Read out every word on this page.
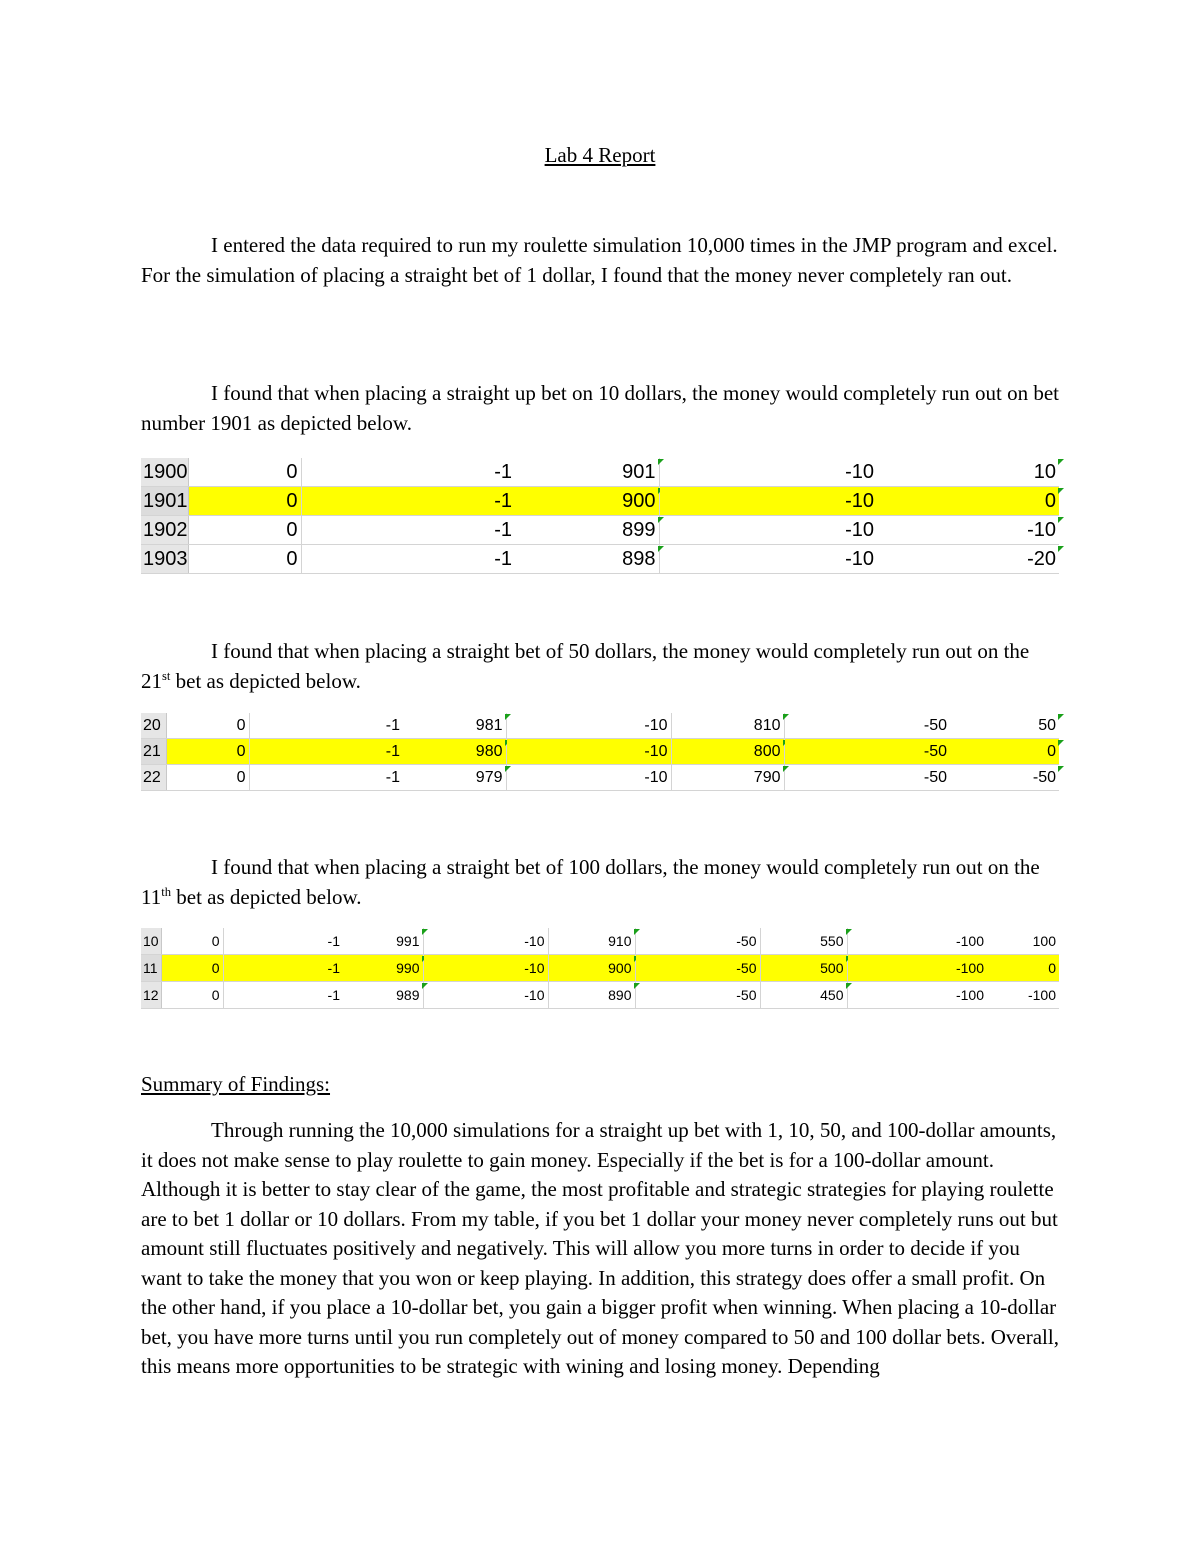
Lab 4 Report

I entered the data required to run my roulette simulation 10,000 times in the JMP program and excel. For the simulation of placing a straight bet of 1 dollar, I found that the money never completely ran out.

I found that when placing a straight up bet on 10 dollars, the money would completely run out on bet number 1901 as depicted below.

1900	0	-1	901	-10	10
1901	0	-1	900	-10	0
1902	0	-1	899	-10	-10
1903	0	-1	898	-10	-20

I found that when placing a straight bet of 50 dollars, the money would completely run out on the 21st bet as depicted below.

20	0	-1	981	-10	810	-50	50
21	0	-1	980	-10	800	-50	0
22	0	-1	979	-10	790	-50	-50

I found that when placing a straight bet of 100 dollars, the money would completely run out on the 11th bet as depicted below.

10	0	-1	991	-10	910	-50	550	-100	100
11	0	-1	990	-10	900	-50	500	-100	0
12	0	-1	989	-10	890	-50	450	-100	-100
Summary of Findings:

Through running the 10,000 simulations for a straight up bet with 1, 10, 50, and 100-dollar amounts, it does not make sense to play roulette to gain money. Especially if the bet is for a 100-dollar amount. Although it is better to stay clear of the game, the most profitable and strategic strategies for playing roulette are to bet 1 dollar or 10 dollars. From my table, if you bet 1 dollar your money never completely runs out but amount still fluctuates positively and negatively. This will allow you more turns in order to decide if you want to take the money that you won or keep playing. In addition, this strategy does offer a small profit. On the other hand, if you place a 10-dollar bet, you gain a bigger profit when winning. When placing a 10-dollar bet, you have more turns until you run completely out of money compared to 50 and 100 dollar bets. Overall, this means more opportunities to be strategic with wining and losing money. Depending
